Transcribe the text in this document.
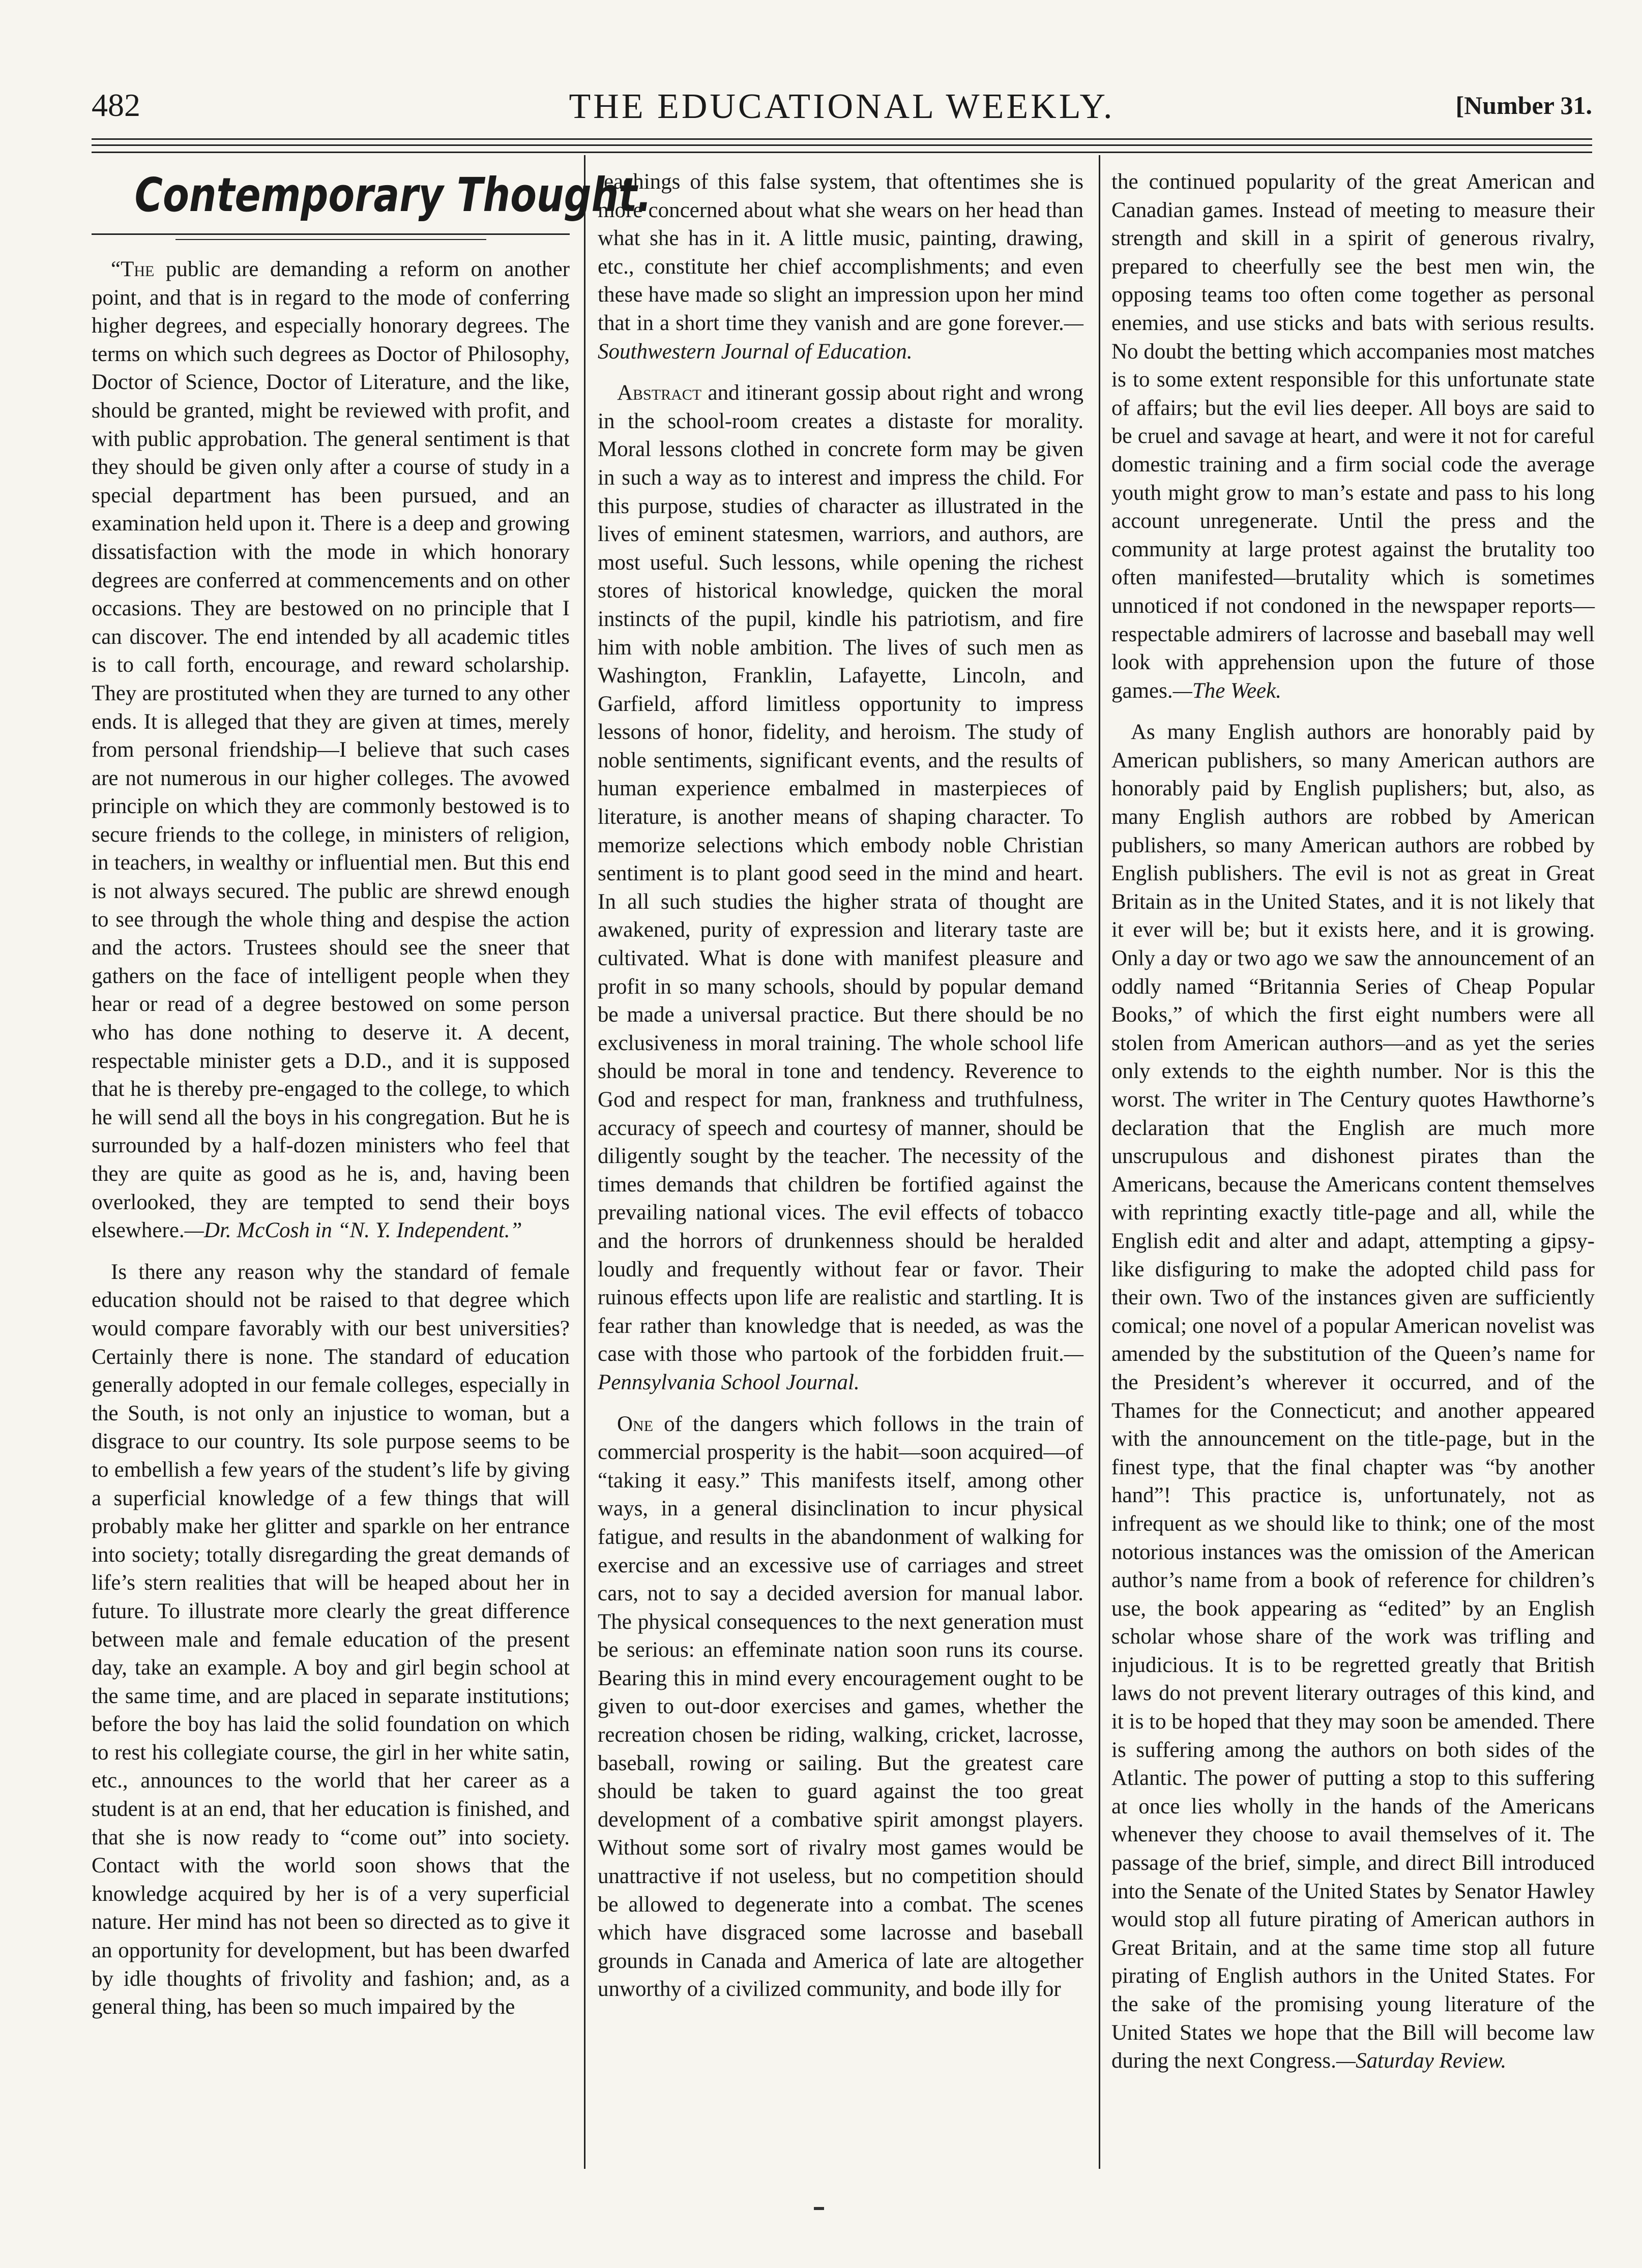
482	THE EDUCATIONAL WEEKLY.	[Number 31.
Contemporary Thought.

“The public are demanding a reform on another point, and that is in regard to the mode of conferring higher degrees, and especially honorary degrees. The terms on which such degrees as Doctor of Philosophy, Doctor of Science, Doctor of Literature, and the like, should be granted, might be reviewed with profit, and with public approbation. The general sentiment is that they should be given only after a course of study in a special department has been pursued, and an examination held upon it. There is a deep and growing dissatisfaction with the mode in which honorary degrees are conferred at commencements and on other occasions. They are bestowed on no principle that I can discover. The end intended by all academic titles is to call forth, encourage, and reward scholarship. They are prostituted when they are turned to any other ends. It is alleged that they are given at times, merely from personal friendship—I believe that such cases are not numerous in our higher colleges. The avowed principle on which they are commonly bestowed is to secure friends to the college, in ministers of religion, in teachers, in wealthy or influential men. But this end is not always secured. The public are shrewd enough to see through the whole thing and despise the action and the actors. Trustees should see the sneer that gathers on the face of intelligent people when they hear or read of a degree bestowed on some person who has done nothing to deserve it. A decent, respectable minister gets a D.D., and it is supposed that he is thereby pre-engaged to the college, to which he will send all the boys in his congregation. But he is surrounded by a half-dozen ministers who feel that they are quite as good as he is, and, having been overlooked, they are tempted to send their boys elsewhere.—Dr. McCosh in “N. Y. Independent.”

Is there any reason why the standard of female education should not be raised to that degree which would compare favorably with our best universities? Certainly there is none. The standard of education generally adopted in our female colleges, especially in the South, is not only an injustice to woman, but a disgrace to our country. Its sole purpose seems to be to embellish a few years of the student’s life by giving a superficial knowledge of a few things that will probably make her glitter and sparkle on her entrance into society; totally disregarding the great demands of life’s stern realities that will be heaped about her in future. To illustrate more clearly the great difference between male and female education of the present day, take an example. A boy and girl begin school at the same time, and are placed in separate institutions; before the boy has laid the solid foundation on which to rest his collegiate course, the girl in her white satin, etc., announces to the world that her career as a student is at an end, that her education is finished, and that she is now ready to “come out” into society. Contact with the world soon shows that the knowledge acquired by her is of a very superficial nature. Her mind has not been so directed as to give it an opportunity for development, but has been dwarfed by idle thoughts of frivolity and fashion; and, as a general thing, has been so much impaired by the

teachings of this false system, that oftentimes she is more concerned about what she wears on her head than what she has in it. A little music, painting, drawing, etc., constitute her chief accomplishments; and even these have made so slight an impression upon her mind that in a short time they vanish and are gone forever.—Southwestern Journal of Education.

Abstract and itinerant gossip about right and wrong in the school-room creates a distaste for morality. Moral lessons clothed in concrete form may be given in such a way as to interest and impress the child. For this purpose, studies of character as illustrated in the lives of eminent statesmen, warriors, and authors, are most useful. Such lessons, while opening the richest stores of historical knowledge, quicken the moral instincts of the pupil, kindle his patriotism, and fire him with noble ambition. The lives of such men as Washington, Franklin, Lafayette, Lincoln, and Garfield, afford limitless opportunity to impress lessons of honor, fidelity, and heroism. The study of noble sentiments, significant events, and the results of human experience embalmed in masterpieces of literature, is another means of shaping character. To memorize selections which embody noble Christian sentiment is to plant good seed in the mind and heart. In all such studies the higher strata of thought are awakened, purity of expression and literary taste are cultivated. What is done with manifest pleasure and profit in so many schools, should by popular demand be made a universal practice. But there should be no exclusiveness in moral training. The whole school life should be moral in tone and tendency. Reverence to God and respect for man, frankness and truthfulness, accuracy of speech and courtesy of manner, should be diligently sought by the teacher. The necessity of the times demands that children be fortified against the prevailing national vices. The evil effects of tobacco and the horrors of drunkenness should be heralded loudly and frequently without fear or favor. Their ruinous effects upon life are realistic and startling. It is fear rather than knowledge that is needed, as was the case with those who partook of the forbidden fruit.—Pennsylvania School Journal.

One of the dangers which follows in the train of commercial prosperity is the habit—soon acquired—of “taking it easy.” This manifests itself, among other ways, in a general disinclination to incur physical fatigue, and results in the abandonment of walking for exercise and an excessive use of carriages and street cars, not to say a decided aversion for manual labor. The physical consequences to the next generation must be serious: an effeminate nation soon runs its course. Bearing this in mind every encouragement ought to be given to out-door exercises and games, whether the recreation chosen be riding, walking, cricket, lacrosse, baseball, rowing or sailing. But the greatest care should be taken to guard against the too great development of a combative spirit amongst players. Without some sort of rivalry most games would be unattractive if not useless, but no competition should be allowed to degenerate into a combat. The scenes which have disgraced some lacrosse and baseball grounds in Canada and America of late are altogether unworthy of a civilized community, and bode illy for

the continued popularity of the great American and Canadian games. Instead of meeting to measure their strength and skill in a spirit of generous rivalry, prepared to cheerfully see the best men win, the opposing teams too often come together as personal enemies, and use sticks and bats with serious results. No doubt the betting which accompanies most matches is to some extent responsible for this unfortunate state of affairs; but the evil lies deeper. All boys are said to be cruel and savage at heart, and were it not for careful domestic training and a firm social code the average youth might grow to man’s estate and pass to his long account unregenerate. Until the press and the community at large protest against the brutality too often manifested—brutality which is sometimes unnoticed if not condoned in the newspaper reports—respectable admirers of lacrosse and baseball may well look with apprehension upon the future of those games.—The Week.

As many English authors are honorably paid by American publishers, so many American authors are honorably paid by English puplishers; but, also, as many English authors are robbed by American publishers, so many American authors are robbed by English publishers. The evil is not as great in Great Britain as in the United States, and it is not likely that it ever will be; but it exists here, and it is growing. Only a day or two ago we saw the announcement of an oddly named “Britannia Series of Cheap Popular Books,” of which the first eight numbers were all stolen from American authors—and as yet the series only extends to the eighth number. Nor is this the worst. The writer in The Century quotes Hawthorne’s declaration that the English are much more unscrupulous and dishonest pirates than the Americans, because the Americans content themselves with reprinting exactly title-page and all, while the English edit and alter and adapt, attempting a gipsy-like disfiguring to make the adopted child pass for their own. Two of the instances given are sufficiently comical; one novel of a popular American novelist was amended by the substitution of the Queen’s name for the President’s wherever it occurred, and of the Thames for the Connecticut; and another appeared with the announcement on the title-page, but in the finest type, that the final chapter was “by another hand”! This practice is, unfortunately, not as infrequent as we should like to think; one of the most notorious instances was the omission of the American author’s name from a book of reference for children’s use, the book appearing as “edited” by an English scholar whose share of the work was trifling and injudicious. It is to be regretted greatly that British laws do not prevent literary outrages of this kind, and it is to be hoped that they may soon be amended. There is suffering among the authors on both sides of the Atlantic. The power of putting a stop to this suffering at once lies wholly in the hands of the Americans whenever they choose to avail themselves of it. The passage of the brief, simple, and direct Bill introduced into the Senate of the United States by Senator Hawley would stop all future pirating of American authors in Great Britain, and at the same time stop all future pirating of English authors in the United States. For the sake of the promising young literature of the United States we hope that the Bill will become law during the next Congress.—Saturday Review.
